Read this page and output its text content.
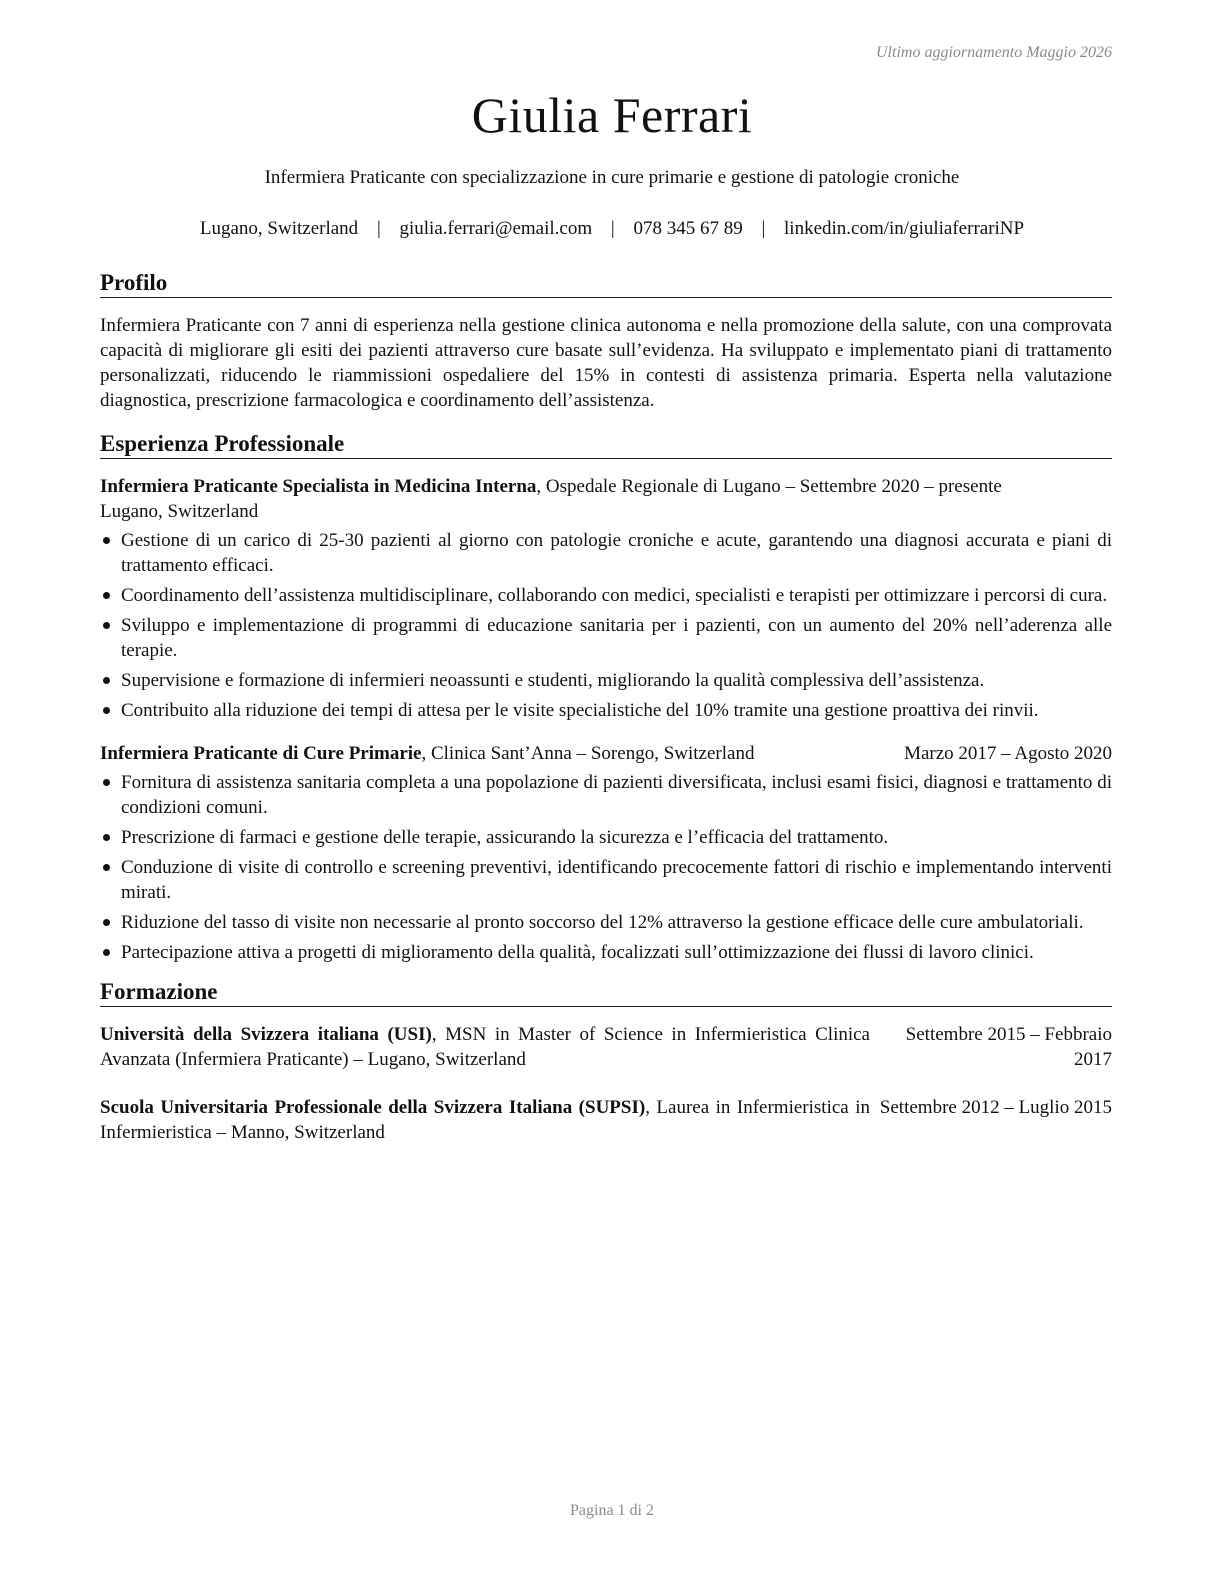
Ultimo aggiornamento Maggio 2026
Giulia Ferrari
Infermiera Praticante con specializzazione in cure primarie e gestione di patologie croniche
Lugano, Switzerland | giulia.ferrari@email.com | 078 345 67 89 | linkedin.com/in/giuliaferrariNP
Profilo
Infermiera Praticante con 7 anni di esperienza nella gestione clinica autonoma e nella promozione della salute, con una comprovata capacità di migliorare gli esiti dei pazienti attraverso cure basate sull’evidenza. Ha sviluppato e implementato piani di trattamento personalizzati, riducendo le riammissioni ospedaliere del 15% in contesti di assistenza primaria. Esperta nella valutazione diagnostica, prescrizione farmacologica e coordinamento dell’assistenza.
Esperienza Professionale
Infermiera Praticante Specialista in Medicina Interna, Ospedale Regionale di Lugano – Settembre 2020 – presente
Lugano, Switzerland
Gestione di un carico di 25-30 pazienti al giorno con patologie croniche e acute, garantendo una diagnosi accurata e piani di trattamento efficaci.
Coordinamento dell’assistenza multidisciplinare, collaborando con medici, specialisti e terapisti per ottimizzare i percorsi di cura.
Sviluppo e implementazione di programmi di educazione sanitaria per i pazienti, con un aumento del 20% nell’aderenza alle terapie.
Supervisione e formazione di infermieri neoassunti e studenti, migliorando la qualità complessiva dell’assistenza.
Contribuito alla riduzione dei tempi di attesa per le visite specialistiche del 10% tramite una gestione proattiva dei rinvii.
Infermiera Praticante di Cure Primarie, Clinica Sant’Anna – Sorengo, Switzerland	Marzo 2017 – Agosto 2020
Fornitura di assistenza sanitaria completa a una popolazione di pazienti diversificata, inclusi esami fisici, diagnosi e trattamento di condizioni comuni.
Prescrizione di farmaci e gestione delle terapie, assicurando la sicurezza e l’efficacia del trattamento.
Conduzione di visite di controllo e screening preventivi, identificando precocemente fattori di rischio e implementando interventi mirati.
Riduzione del tasso di visite non necessarie al pronto soccorso del 12% attraverso la gestione efficace delle cure ambulatoriali.
Partecipazione attiva a progetti di miglioramento della qualità, focalizzati sull’ottimizzazione dei flussi di lavoro clinici.
Formazione
Università della Svizzera italiana (USI), MSN in Master of Science in Infermieristica Clinica Avanzata (Infermiera Praticante) – Lugano, Switzerland
Settembre 2015 – Febbraio 2017
Scuola Universitaria Professionale della Svizzera Italiana (SUPSI), Laurea in Infermieristica in Infermieristica – Manno, Switzerland
Settembre 2012 – Luglio 2015
Pagina 1 di 2
